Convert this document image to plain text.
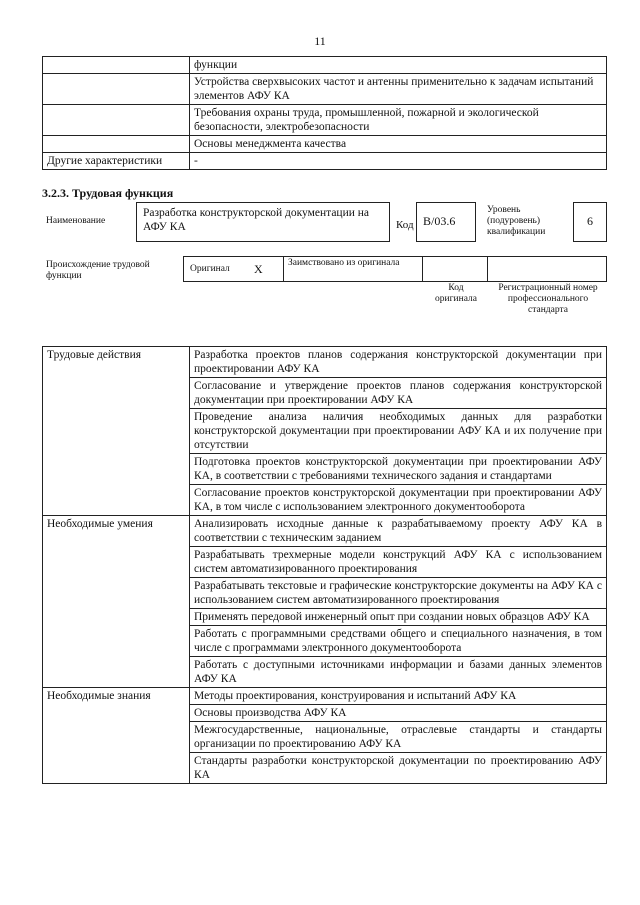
11
	функции
	Устройства сверхвысоких частот и антенны применительно к задачам испытаний элементов АФУ КА
	Требования охраны труда, промышленной, пожарной и экологической безопасности, электробезопасности
	Основы менеджмента качества
Другие характеристики	-
3.2.3. Трудовая функция
Наименование
Разработка конструкторской документации на АФУ КА	Код B/03.6
Уровень (подуровень) квалификации
6
Происхождение трудовой функции
Оригинал X	Заимствовано из оригинала
Код оригинала
Регистрационный номер профессионального стандарта
Трудовые действия	Разработка проектов планов содержания конструкторской документации при проектировании АФУ КА
	Согласование и утверждение проектов планов содержания конструкторской документации при проектировании АФУ КА
	Проведение анализа наличия необходимых данных для разработки конструкторской документации при проектировании АФУ КА и их получение при отсутствии
	Подготовка проектов конструкторской документации при проектировании АФУ КА, в соответствии с требованиями технического задания и стандартами
	Согласование проектов конструкторской документации при проектировании АФУ КА, в том числе с использованием электронного документооборота
Необходимые умения	Анализировать исходные данные к разрабатываемому проекту АФУ КА в соответствии с техническим заданием
	Разрабатывать трехмерные модели конструкций АФУ КА с использованием систем автоматизированного проектирования
	Разрабатывать текстовые и графические конструкторские документы на АФУ КА с использованием систем автоматизированного проектирования
	Применять передовой инженерный опыт при создании новых образцов АФУ КА
	Работать с программными средствами общего и специального назначения, в том числе с программами электронного документооборота
	Работать с доступными источниками информации и базами данных элементов АФУ КА
Необходимые знания	Методы проектирования, конструирования и испытаний АФУ КА
	Основы производства АФУ КА
	Межгосударственные, национальные, отраслевые стандарты и стандарты организации по проектированию АФУ КА
	Стандарты разработки конструкторской документации по проектированию АФУ КА
